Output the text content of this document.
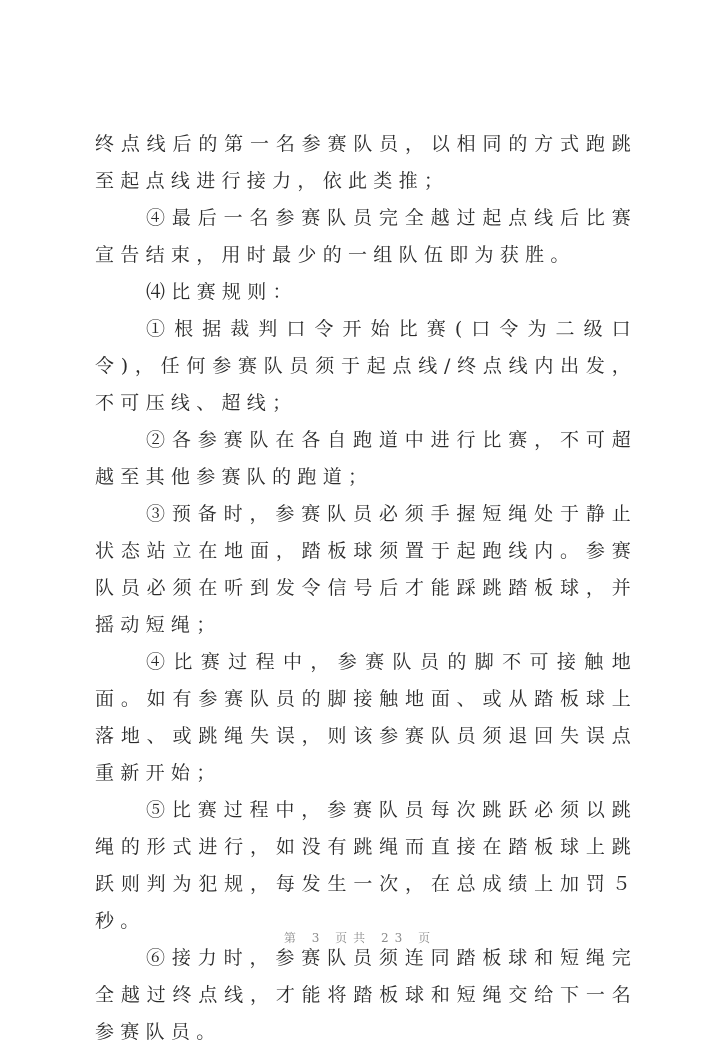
终点线后的第一名参赛队员，以相同的方式跑跳至起点线进行接力，依此类推；

④最后一名参赛队员完全越过起点线后比赛宣告结束，用时最少的一组队伍即为获胜。

⑷比赛规则：

①根据裁判口令开始比赛(口令为二级口令)，任何参赛队员须于起点线/终点线内出发，不可压线、超线；

②各参赛队在各自跑道中进行比赛，不可超越至其他参赛队的跑道；

③预备时，参赛队员必须手握短绳处于静止状态站立在地面，踏板球须置于起跑线内。参赛队员必须在听到发令信号后才能踩跳踏板球，并摇动短绳；

④比赛过程中，参赛队员的脚不可接触地面。如有参赛队员的脚接触地面、或从踏板球上落地、或跳绳失误，则该参赛队员须退回失误点重新开始；

⑤比赛过程中，参赛队员每次跳跃必须以跳绳的形式进行，如没有跳绳而直接在踏板球上跳跃则判为犯规，每发生一次，在总成绩上加罚５秒。

⑥接力时，参赛队员须连同踏板球和短绳完全越过终点线，才能将踏板球和短绳交给下一名参赛队员。

第 3 页共 23 页
